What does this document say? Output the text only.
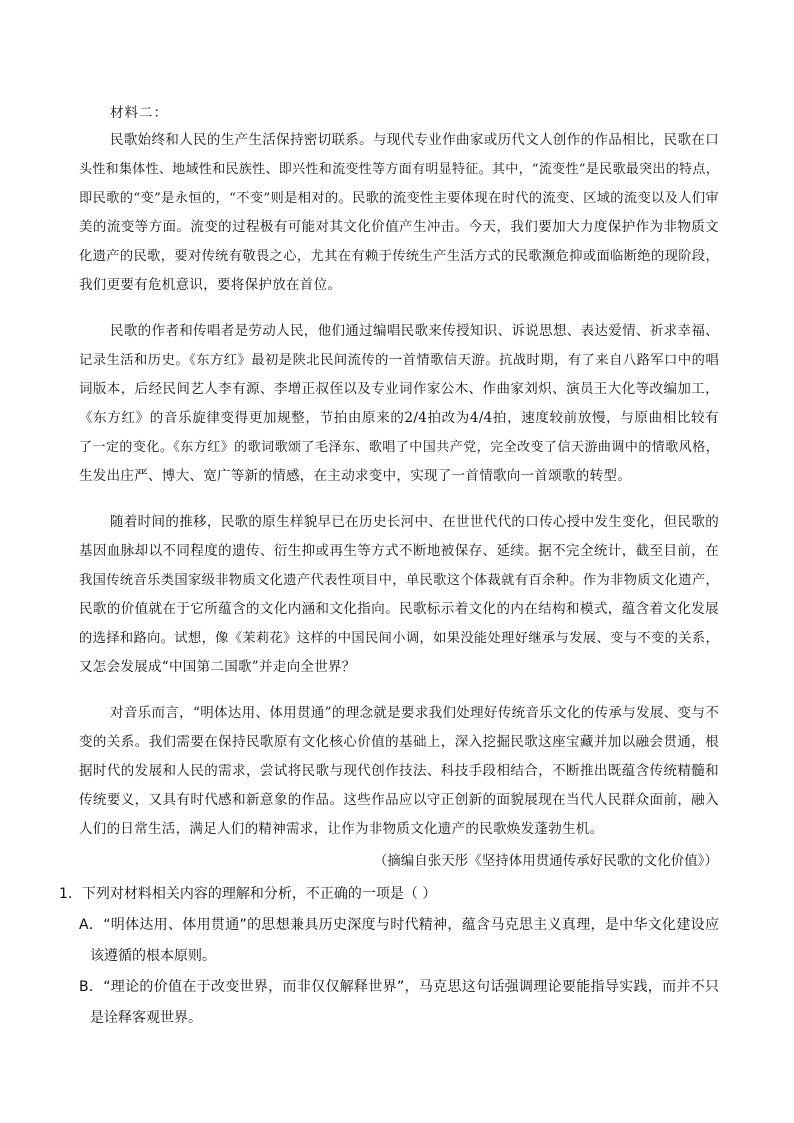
材料二：
民歌始终和人民的生产生活保持密切联系。与现代专业作曲家或历代文人创作的作品相比，民歌在口
头性和集体性、地域性和民族性、即兴性和流变性等方面有明显特征。其中，“流变性”是民歌最突出的特点，
即民歌的“变”是永恒的，“不变”则是相对的。民歌的流变性主要体现在时代的流变、区域的流变以及人们审
美的流变等方面。流变的过程极有可能对其文化价值产生冲击。今天，我们要加大力度保护作为非物质文
化遗产的民歌，要对传统有敬畏之心，尤其在有赖于传统生产生活方式的民歌濒危抑或面临断绝的现阶段，
我们更要有危机意识，要将保护放在首位。
民歌的作者和传唱者是劳动人民，他们通过编唱民歌来传授知识、诉说思想、表达爱情、祈求幸福、
记录生活和历史。《东方红》最初是陕北民间流传的一首情歌信天游。抗战时期，有了来自八路军口中的唱
词版本，后经民间艺人李有源、李增正叔侄以及专业词作家公木、作曲家刘炽、演员王大化等改编加工，
《东方红》的音乐旋律变得更加规整，节拍由原来的2/4拍改为4/4拍，速度较前放慢，与原曲相比较有
了一定的变化。《东方红》的歌词歌颂了毛泽东、歌唱了中国共产党，完全改变了信天游曲调中的情歌风格，
生发出庄严、博大、宽广等新的情感，在主动求变中，实现了一首情歌向一首颂歌的转型。
随着时间的推移，民歌的原生样貌早已在历史长河中、在世世代代的口传心授中发生变化，但民歌的
基因血脉却以不同程度的遗传、衍生抑或再生等方式不断地被保存、延续。据不完全统计，截至目前，在
我国传统音乐类国家级非物质文化遗产代表性项目中，单民歌这个体裁就有百余种。作为非物质文化遗产，
民歌的价值就在于它所蕴含的文化内涵和文化指向。民歌标示着文化的内在结构和模式，蕴含着文化发展
的选择和路向。试想，像《茉莉花》这样的中国民间小调，如果没能处理好继承与发展、变与不变的关系，
又怎会发展成“中国第二国歌”并走向全世界？
对音乐而言，“明体达用、体用贯通”的理念就是要求我们处理好传统音乐文化的传承与发展、变与不
变的关系。我们需要在保持民歌原有文化核心价值的基础上，深入挖掘民歌这座宝藏并加以融会贯通，根
据时代的发展和人民的需求，尝试将民歌与现代创作技法、科技手段相结合，不断推出既蕴含传统精髓和
传统要义，又具有时代感和新意象的作品。这些作品应以守正创新的面貌展现在当代人民群众面前，融入
人们的日常生活，满足人们的精神需求，让作为非物质文化遗产的民歌焕发蓬勃生机。
（摘编自张天彤《坚持体用贯通传承好民歌的文化价值》）
1．下列对材料相关内容的理解和分析，不正确的一项是（ ）
A．“明体达用、体用贯通”的思想兼具历史深度与时代精神，蕴含马克思主义真理，是中华文化建设应
该遵循的根本原则。
B．“理论的价值在于改变世界，而非仅仅解释世界”，马克思这句话强调理论要能指导实践，而并不只
是诠释客观世界。
